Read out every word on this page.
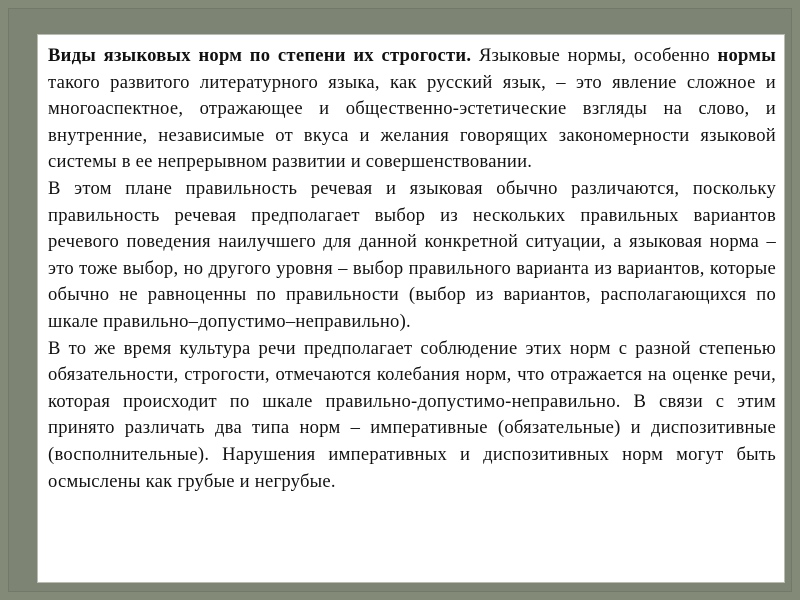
Виды языковых норм по степени их строгости. Языковые нормы, особенно нормы такого развитого литературного языка, как русский язык, – это явление сложное и многоаспектное, отражающее и общественно-эстетические взгляды на слово, и внутренние, независимые от вкуса и желания говорящих закономерности языковой системы в ее непрерывном развитии и совершенствовании.

В этом плане правильность речевая и языковая обычно различаются, поскольку правильность речевая предполагает выбор из нескольких правильных вариантов речевого поведения наилучшего для данной конкретной ситуации, а языковая норма – это тоже выбор, но другого уровня – выбор правильного варианта из вариантов, которые обычно не равноценны по правильности (выбор из вариантов, располагающихся по шкале правильно–допустимо–неправильно).

В то же время культура речи предполагает соблюдение этих норм с разной степенью обязательности, строгости, отмечаются колебания норм, что отражается на оценке речи, которая происходит по шкале правильно-допустимо-неправильно. В связи с этим принято различать два типа норм – императивные (обязательные) и диспозитивные (восполнительные). Нарушения императивных и диспозитивных норм могут быть осмыслены как грубые и негрубые.
